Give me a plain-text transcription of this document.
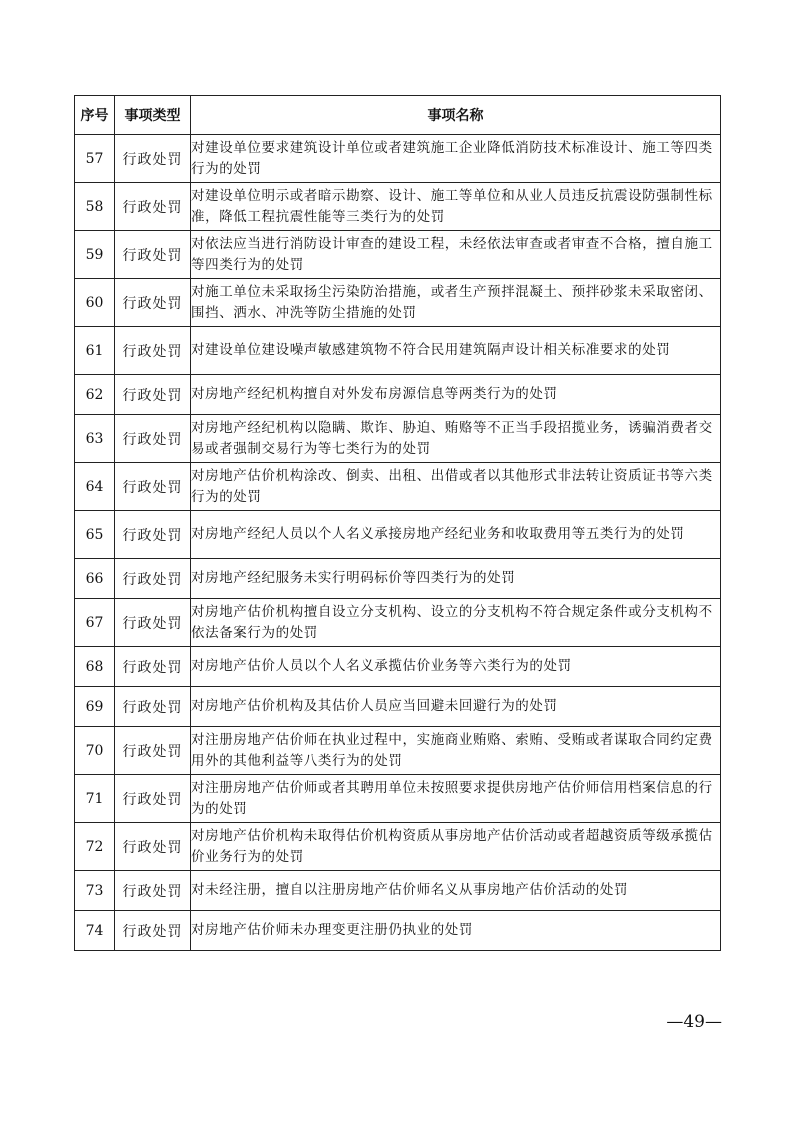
序号	事项类型	事项名称
57	行政处罚	对建设单位要求建筑设计单位或者建筑施工企业降低消防技术标准设计、施工等四类行为的处罚
58	行政处罚	对建设单位明示或者暗示勘察、设计、施工等单位和从业人员违反抗震设防强制性标准，降低工程抗震性能等三类行为的处罚
59	行政处罚	对依法应当进行消防设计审查的建设工程，未经依法审查或者审查不合格，擅自施工等四类行为的处罚
60	行政处罚	对施工单位未采取扬尘污染防治措施，或者生产预拌混凝土、预拌砂浆未采取密闭、围挡、洒水、冲洗等防尘措施的处罚
61	行政处罚	对建设单位建设噪声敏感建筑物不符合民用建筑隔声设计相关标准要求的处罚
62	行政处罚	对房地产经纪机构擅自对外发布房源信息等两类行为的处罚
63	行政处罚	对房地产经纪机构以隐瞒、欺诈、胁迫、贿赂等不正当手段招揽业务，诱骗消费者交易或者强制交易行为等七类行为的处罚
64	行政处罚	对房地产估价机构涂改、倒卖、出租、出借或者以其他形式非法转让资质证书等六类行为的处罚
65	行政处罚	对房地产经纪人员以个人名义承接房地产经纪业务和收取费用等五类行为的处罚
66	行政处罚	对房地产经纪服务未实行明码标价等四类行为的处罚
67	行政处罚	对房地产估价机构擅自设立分支机构、设立的分支机构不符合规定条件或分支机构不依法备案行为的处罚
68	行政处罚	对房地产估价人员以个人名义承揽估价业务等六类行为的处罚
69	行政处罚	对房地产估价机构及其估价人员应当回避未回避行为的处罚
70	行政处罚	对注册房地产估价师在执业过程中，实施商业贿赂、索贿、受贿或者谋取合同约定费用外的其他利益等八类行为的处罚
71	行政处罚	对注册房地产估价师或者其聘用单位未按照要求提供房地产估价师信用档案信息的行为的处罚
72	行政处罚	对房地产估价机构未取得估价机构资质从事房地产估价活动或者超越资质等级承揽估价业务行为的处罚
73	行政处罚	对未经注册，擅自以注册房地产估价师名义从事房地产估价活动的处罚
74	行政处罚	对房地产估价师未办理变更注册仍执业的处罚
—49—
